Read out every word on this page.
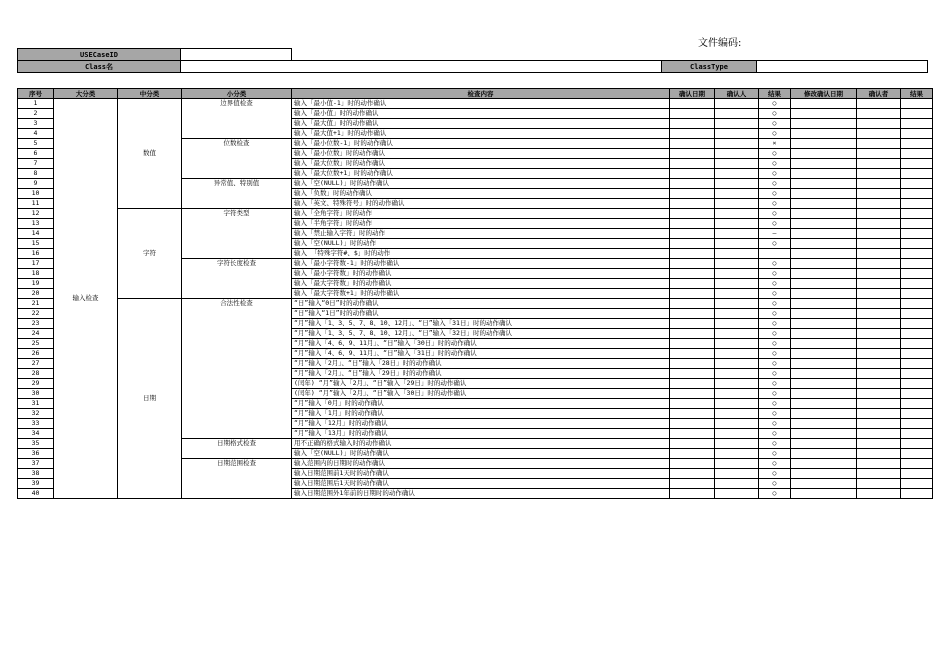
文件编码:
USECaseID	
Class名		ClassType	
序号	大分类	中分类	小分类	检查内容	确认日期	确认人	结果	修改确认日期	确认者	结果
1	输入检查	数值	边界值检查	输入「最小值-1」时的动作确认			○			
2				输入「最小值」时的动作确认			○			
3				输入「最大值」时的动作确认			○			
4				输入「最大值+1」时的动作确认			○			
5			位数检查	输入「最小位数-1」时的动作确认			×			
6				输入「最小位数」时的动作确认			○			
7				输入「最大位数」时的动作确认			○			
8				输入「最大位数+1」时的动作确认			○			
9			异常值、特别值	输入「空(NULL)」时的动作确认			○			
10				输入「负数」时的动作确认			○			
11				输入「英文、特殊符号」时的动作确认			○			
12		字符	字符类型	输入「全角字符」时的动作			○			
13				输入「半角字符」时的动作			○			
14				输入「禁止输入字符」时的动作			—			
15				输入「空(NULL)」时的动作			○			
16				输入 「特殊字符#、$」时的动作						
17			字符长度检查	输入「最小字符数-1」时的动作确认			○			
18				输入「最小字符数」时的动作确认			○			
19				输入「最大字符数」时的动作确认			○			
20				输入「最大字符数+1」时的动作确认			○			
21		日期	合法性检查	“日”输入“0日”时的动作确认			○			
22				“日”输入“1日”时的动作确认			○			
23				“月”输入「1、3、5、7、8、10、12月」、“日”输入「31日」时的动作确认			○			
24				“月”输入「1、3、5、7、8、10、12月」、“日”输入「32日」时的动作确认			○			
25				“月”输入「4、6、9、11月」、“日”输入「30日」时的动作确认			○			
26				“月”输入「4、6、9、11月」、“日”输入「31日」时的动作确认			○			
27				“月”输入「2月」、“日”输入「28日」时的动作确认			○			
28				“月”输入「2月」、“日”输入「29日」时的动作确认			○			
29				(闰年) “月”输入「2月」、“日”输入「29日」时的动作确认			○			
30				(闰年) “月”输入「2月」、“日”输入「30日」时的动作确认			○			
31				“月”输入「0月」时的动作确认			○			
32				“月”输入「1月」时的动作确认			○			
33				“月”输入「12月」时的动作确认			○			
34				“月”输入「13月」时的动作确认			○			
35			日期格式检查	用不正确的格式输入时的动作确认			○			
36				输入「空(NULL)」时的动作确认			○			
37			日期范围检查	输入范围内的日期时的动作确认			○			
38				输入日期范围前1天时的动作确认			○			
39				输入日期范围后1天时的动作确认			○			
40				输入日期范围外1年前的日期时的动作确认			○			
